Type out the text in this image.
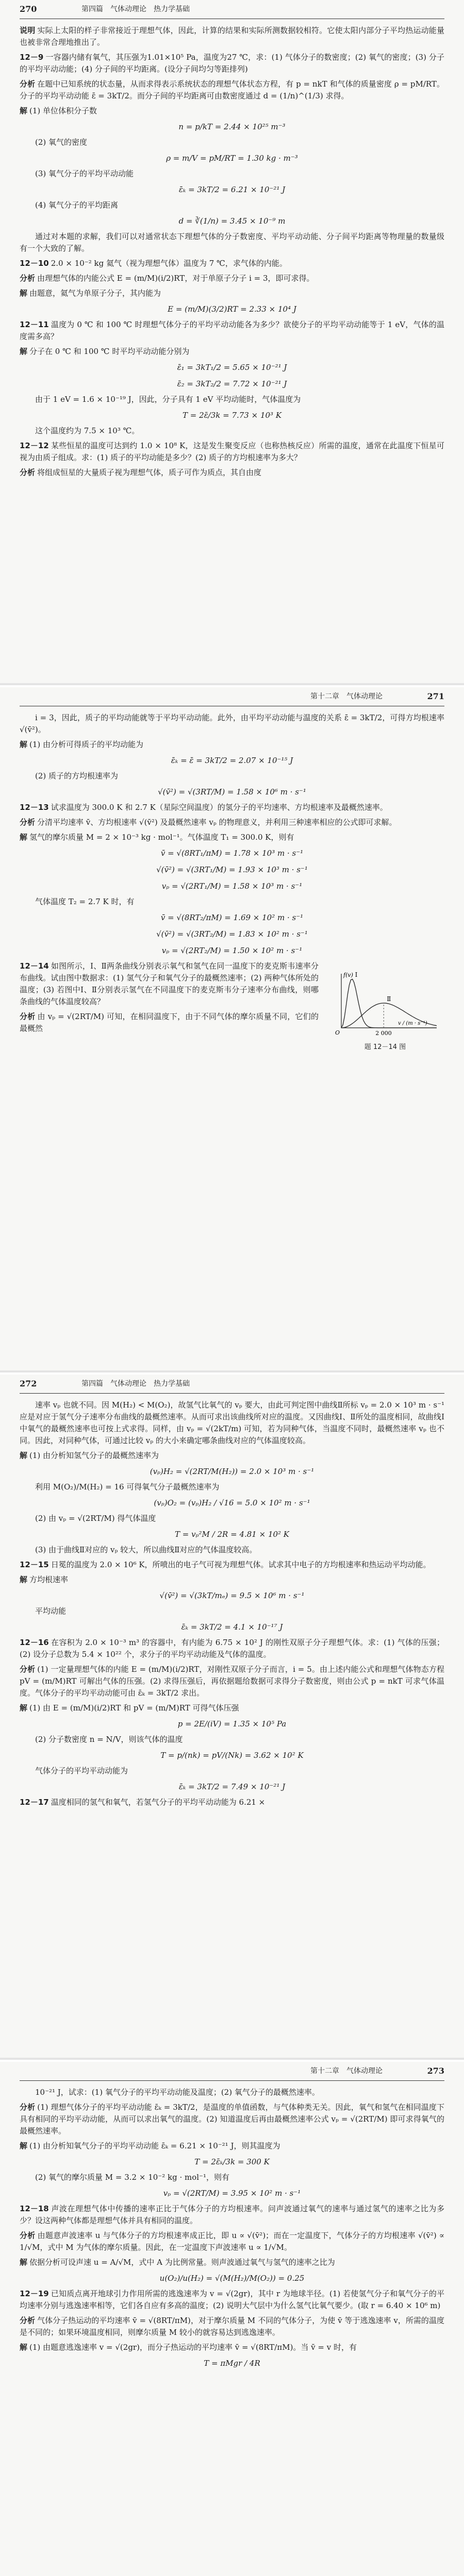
270	第四篇　气体动理论　热力学基础

说明 实际上太阳的样子非常接近于理想气体，因此，计算的结果和实际所测数据较相符。它使太阳内部分子平均热运动能量也被非常合理地推出了。

12－9 一容器内储有氧气，其压强为1.01×10⁵ Pa，温度为27 ℃，求：(1) 气体分子的数密度；(2) 氧气的密度；(3) 分子的平均平动动能；(4) 分子间的平均距离。(设分子间均匀等距排列)

分析 在题中已知系统的状态量，从而求得表示系统状态的理想气体状态方程，有 p = nkT 和气体的质量密度 ρ = pM/RT。分子的平均平动动能 ε̄ = 3kT/2。而分子间的平均距离可由数密度通过 d = (1/n)^(1/3) 求得。

解 (1) 单位体积分子数

n = p/kT = 2.44 × 10²⁵ m⁻³

(2) 氧气的密度

ρ = m/V = pM/RT = 1.30 kg · m⁻³

(3) 氧气分子的平均平动动能

ε̄ₖ = 3kT/2 = 6.21 × 10⁻²¹ J

(4) 氧气分子的平均距离

d = ∛(1/n) = 3.45 × 10⁻⁹ m

通过对本题的求解，我们可以对通常状态下理想气体的分子数密度、平均平动动能、分子间平均距离等物理量的数量级有一个大致的了解。

12－10 2.0 × 10⁻² kg 氦气（视为理想气体）温度为 7 ℃，求气体的内能。

分析 由理想气体的内能公式 E = (m/M)(i/2)RT，对于单原子分子 i = 3，即可求得。

解 由题意，氦气为单原子分子，其内能为

E = (m/M)(3/2)RT = 2.33 × 10⁴ J

12－11 温度为 0 ℃ 和 100 ℃ 时理想气体分子的平均平动动能各为多少？欲使分子的平均平动动能等于 1 eV，气体的温度需多高？

解 分子在 0 ℃ 和 100 ℃ 时平均平动动能分别为

ε̄₁ = 3kT₁/2 = 5.65 × 10⁻²¹ J
ε̄₂ = 3kT₂/2 = 7.72 × 10⁻²¹ J

由于 1 eV = 1.6 × 10⁻¹⁹ J，因此，分子具有 1 eV 平均动能时，气体温度为

T = 2ε̄/3k = 7.73 × 10³ K

这个温度约为 7.5 × 10³ ℃。

12－12 某些恒星的温度可达到约 1.0 × 10⁸ K，这是发生聚变反应（也称热核反应）所需的温度，通常在此温度下恒星可视为由质子组成。求：(1) 质子的平均动能是多少？(2) 质子的方均根速率为多大？

分析 将组成恒星的大量质子视为理想气体，质子可作为质点，其自由度

271
第十二章　气体动理论

i = 3，因此，质子的平均动能就等于平均平动动能。此外，由平均平动动能与温度的关系 ε̄ = 3kT/2，可得方均根速率 √(v̄²)。

解 (1) 由分析可得质子的平均动能为

ε̄ₖ = ε̄ = 3kT/2 = 2.07 × 10⁻¹⁵ J

(2) 质子的方均根速率为

√(v̄²) = √(3RT/M) = 1.58 × 10⁶ m · s⁻¹

12－13 试求温度为 300.0 K 和 2.7 K（星际空间温度）的氢分子的平均速率、方均根速率及最概然速率。

分析 分清平均速率 v̄、方均根速率 √(v̄²) 及最概然速率 vₚ 的物理意义，并利用三种速率相应的公式即可求解。

解 氢气的摩尔质量 M = 2 × 10⁻³ kg · mol⁻¹。气体温度 T₁ = 300.0 K，则有

v̄ = √(8RT₁/πM) = 1.78 × 10³ m · s⁻¹
√(v̄²) = √(3RT₁/M) = 1.93 × 10³ m · s⁻¹
vₚ = √(2RT₁/M) = 1.58 × 10³ m · s⁻¹

气体温度 T₂ = 2.7 K 时，有

v̄ = √(8RT₂/πM) = 1.69 × 10² m · s⁻¹
√(v̄²) = √(3RT₂/M) = 1.83 × 10² m · s⁻¹
vₚ = √(2RT₂/M) = 1.50 × 10² m · s⁻¹
Ⅰ
Ⅱ
2 000
O
f(v)
v / (m · s⁻¹)
题 12－14 图

12－14 如图所示，Ⅰ、Ⅱ两条曲线分别表示氧气和氢气在同一温度下的麦克斯韦速率分布曲线。试由图中数据求：(1) 氢气分子和氧气分子的最概然速率；(2) 两种气体所处的温度；(3) 若图中Ⅰ、Ⅱ分别表示氢气在不同温度下的麦克斯韦分子速率分布曲线，则哪条曲线的气体温度较高？

分析 由 vₚ = √(2RT/M) 可知，在相同温度下，由于不同气体的摩尔质量不同，它们的最概然

272	第四篇　气体动理论　热力学基础

速率 vₚ 也就不同。因 M(H₂) < M(O₂)，故氢气比氧气的 vₚ 要大，由此可判定图中曲线Ⅱ所标 vₚ = 2.0 × 10³ m · s⁻¹ 应是对应于氢气分子速率分布曲线的最概然速率。从而可求出该曲线所对应的温度。又因曲线Ⅰ、Ⅱ所处的温度相同，故曲线Ⅰ中氧气的最概然速率也可按上式求得。同样，由 vₚ = √(2kT/m) 可知，若为同种气体，当温度不同时，最概然速率 vₚ 也不同。因此，对同种气体，可通过比较 vₚ 的大小来确定哪条曲线对应的气体温度较高。

解 (1) 由分析知氢气分子的最概然速率为

(vₚ)H₂ = √(2RT/M(H₂)) = 2.0 × 10³ m · s⁻¹

利用 M(O₂)/M(H₂) = 16 可得氧气分子最概然速率为

(vₚ)O₂ = (vₚ)H₂ / √16 = 5.0 × 10² m · s⁻¹

(2) 由 vₚ = √(2RT/M) 得气体温度

T = vₚ²M / 2R = 4.81 × 10² K

(3) 由于曲线Ⅱ对应的 vₚ 较大，所以曲线Ⅱ对应的气体温度较高。

12－15 日冕的温度为 2.0 × 10⁶ K，所喷出的电子气可视为理想气体。试求其中电子的方均根速率和热运动平均动能。

解 方均根速率

√(v̄²) = √(3kT/mₑ) = 9.5 × 10⁶ m · s⁻¹

平均动能

ε̄ₖ = 3kT/2 = 4.1 × 10⁻¹⁷ J

12－16 在容积为 2.0 × 10⁻³ m³ 的容器中，有内能为 6.75 × 10² J 的刚性双原子分子理想气体。求：(1) 气体的压强；(2) 设分子总数为 5.4 × 10²² 个，求分子的平均平动动能及气体的温度。

分析 (1) 一定量理想气体的内能 E = (m/M)(i/2)RT，对刚性双原子分子而言，i = 5。由上述内能公式和理想气体物态方程 pV = (m/M)RT 可解出气体的压强。(2) 求得压强后，再依据题给数据可求得分子数密度，则由公式 p = nkT 可求气体温度。气体分子的平均平动动能可由 ε̄ₖ = 3kT/2 求出。

解 (1) 由 E = (m/M)(i/2)RT 和 pV = (m/M)RT 可得气体压强

p = 2E/(iV) = 1.35 × 10⁵ Pa

(2) 分子数密度 n = N/V，则该气体的温度

T = p/(nk) = pV/(Nk) = 3.62 × 10² K

气体分子的平均平动动能为

ε̄ₖ = 3kT/2 = 7.49 × 10⁻²¹ J

12－17 温度相同的氢气和氧气，若氢气分子的平均平动动能为 6.21 ×

273
第十二章　气体动理论

10⁻²¹ J，试求：(1) 氧气分子的平均平动动能及温度；(2) 氧气分子的最概然速率。

分析 (1) 理想气体分子的平均平动动能 ε̄ₖ = 3kT/2，是温度的单值函数，与气体种类无关。因此，氧气和氢气在相同温度下具有相同的平均平动动能，从而可以求出氧气的温度。(2) 知道温度后再由最概然速率公式 vₚ = √(2RT/M) 即可求得氧气的最概然速率。

解 (1) 由分析知氧气分子的平均平动动能 ε̄ₖ = 6.21 × 10⁻²¹ J，则其温度为

T = 2ε̄ₖ/3k = 300 K

(2) 氧气的摩尔质量 M = 3.2 × 10⁻² kg · mol⁻¹，则有

vₚ = √(2RT/M) = 3.95 × 10² m · s⁻¹

12－18 声波在理想气体中传播的速率正比于气体分子的方均根速率。问声波通过氧气的速率与通过氢气的速率之比为多少？设这两种气体都是理想气体并具有相同的温度。

分析 由题意声波速率 u 与气体分子的方均根速率成正比，即 u ∝ √(v̄²)；而在一定温度下，气体分子的方均根速率 √(v̄²) ∝ 1/√M，式中 M 为气体的摩尔质量。因此，在一定温度下声波速率 u ∝ 1/√M。

解 依据分析可设声速 u = A/√M，式中 A 为比例常量。则声波通过氧气与氢气的速率之比为

u(O₂)/u(H₂) = √(M(H₂)/M(O₂)) = 0.25

12－19 已知质点离开地球引力作用所需的逃逸速率为 v = √(2gr)，其中 r 为地球半径。(1) 若使氢气分子和氧气分子的平均速率分别与逃逸速率相等，它们各自应有多高的温度；(2) 说明大气层中为什么氢气比氧气要少。(取 r = 6.40 × 10⁶ m)

分析 气体分子热运动的平均速率 v̄ = √(8RT/πM)，对于摩尔质量 M 不同的气体分子，为使 v̄ 等于逃逸速率 v，所需的温度是不同的；如果环境温度相同，则摩尔质量 M 较小的就容易达到逃逸速率。

解 (1) 由题意逃逸速率 v = √(2gr)，而分子热运动的平均速率 v̄ = √(8RT/πM)。当 v̄ = v 时，有

T = πMgr / 4R
